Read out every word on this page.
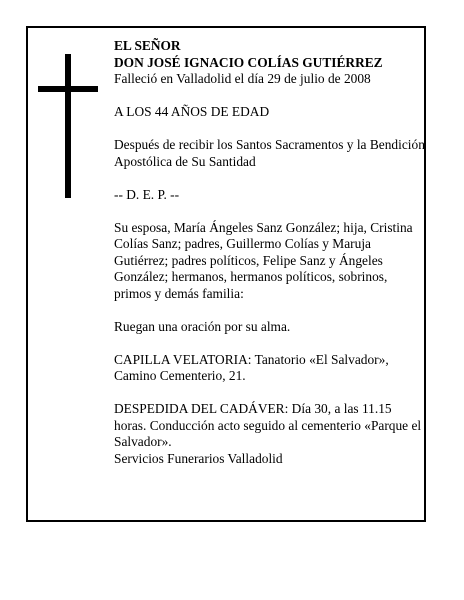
EL SEÑOR

DON JOSÉ IGNACIO COLÍAS GUTIÉRREZ

Falleció en Valladolid el día 29 de julio de 2008

A LOS 44 AÑOS DE EDAD

Después de recibir los Santos Sacramentos y la Bendición Apostólica de Su Santidad

-- D. E. P. --

Su esposa, María Ángeles Sanz González; hija, Cristina Colías Sanz; padres, Guillermo Colías y Maruja Gutiérrez; padres políticos, Felipe Sanz y Ángeles González; hermanos, hermanos políticos, sobrinos, primos y demás familia:

Ruegan una oración por su alma.

CAPILLA VELATORIA: Tanatorio «El Salvador», Camino Cementerio, 21.

DESPEDIDA DEL CADÁVER: Día 30, a las 11.15

horas. Conducción acto seguido al cementerio «Parque el

Salvador».

Servicios Funerarios Valladolid
